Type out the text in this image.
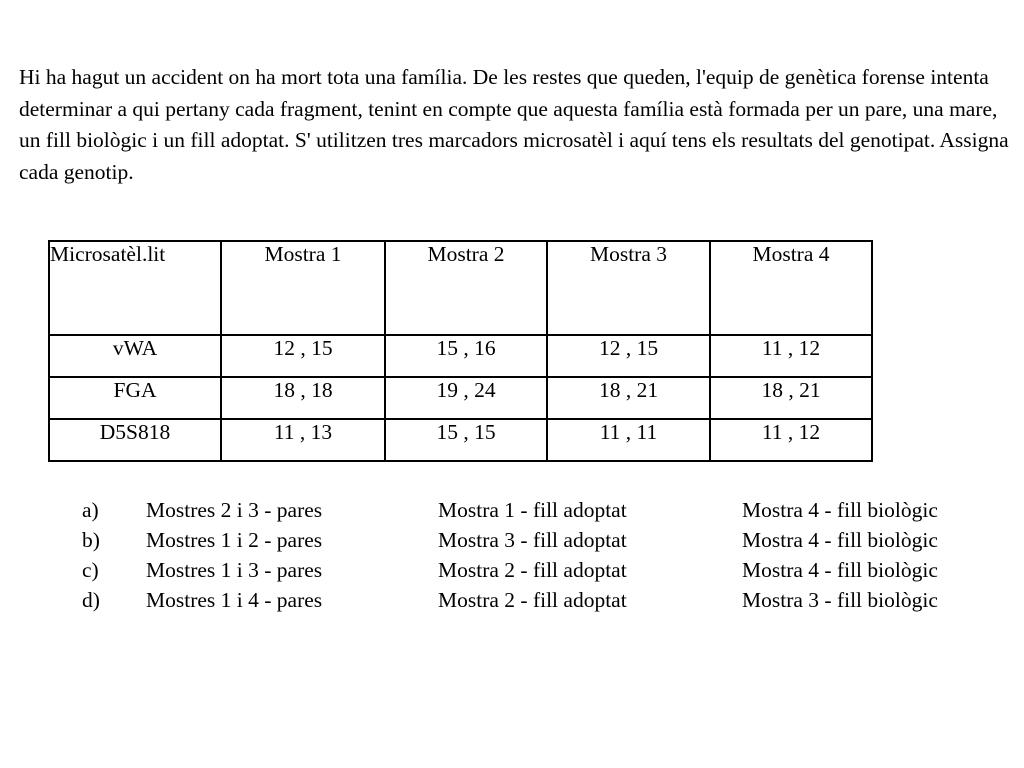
Hi ha hagut un accident on ha mort tota una família. De les restes que queden, l'equip de genètica forense intenta determinar a qui pertany cada fragment, tenint en compte que aquesta família està formada per un pare, una mare, un fill biològic i un fill adoptat. S' utilitzen tres marcadors microsatèl i aquí tens els resultats del genotipat. Assigna cada genotip.

Microsatèl.lit	Mostra 1	Mostra 2	Mostra 3	Mostra 4
vWA	12 , 15	15 , 16	12 , 15	11 , 12
FGA	18 , 18	19 , 24	18 , 21	18 , 21
D5S818	11 , 13	15 , 15	11 , 11	11 , 12
a)	Mostres 2 i 3 - pares	Mostra 1 - fill adoptat	Mostra 4 - fill biològic
b)	Mostres 1 i 2 - pares	Mostra 3 - fill adoptat	Mostra 4 - fill biològic
c)	Mostres 1 i 3 - pares	Mostra 2 - fill adoptat	Mostra 4 - fill biològic
d)	Mostres 1 i 4 - pares	Mostra 2 - fill adoptat	Mostra 3 - fill biològic
